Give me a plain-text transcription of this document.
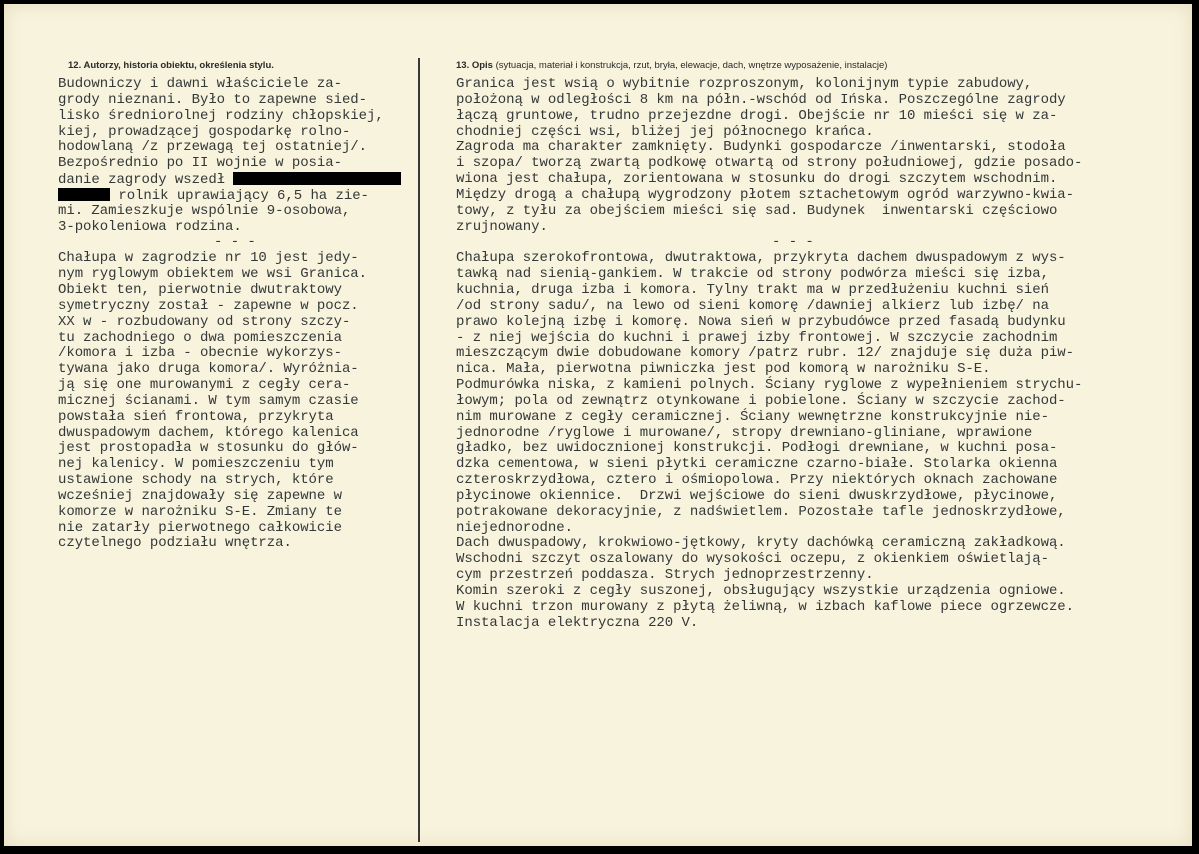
12. Autorzy, historia obiektu, określenia stylu.	13. Opis (sytuacja, materiał i konstrukcja, rzut, bryła, elewacje, dach, wnętrze wyposażenie, instalacje)
Budowniczy i dawni właściciele za-
grody nieznani. Było to zapewne sied-
lisko średniorolnej rodziny chłopskiej,
kiej, prowadzącej gospodarkę rolno-
hodowlaną /z przewagą tej ostatniej/.
Bezpośrednio po II wojnie w posia-
danie zagrody wszedł
rolnik uprawiający 6,5 ha zie-
mi. Zamieszkuje wspólnie 9-osobowa,
3-pokoleniowa rodzina.
- - -
Chałupa w zagrodzie nr 10 jest jedy-
nym ryglowym obiektem we wsi Granica.
Obiekt ten, pierwotnie dwutraktowy
symetryczny został - zapewne w pocz.
XX w - rozbudowany od strony szczy-
tu zachodniego o dwa pomieszczenia
/komora i izba - obecnie wykorzys-
tywana jako druga komora/. Wyróżnia-
ją się one murowanymi z cegły cera-
micznej ścianami. W tym samym czasie
powstała sień frontowa, przykryta
dwuspadowym dachem, którego kalenica
jest prostopadła w stosunku do głów-
nej kalenicy. W pomieszczeniu tym
ustawione schody na strych, które
wcześniej znajdowały się zapewne w
komorze w narożniku S-E. Zmiany te
nie zatarły pierwotnego całkowicie
czytelnego podziału wnętrza.
Granica jest wsią o wybitnie rozproszonym, kolonijnym typie zabudowy,
położoną w odległości 8 km na półn.-wschód od Ińska. Poszczególne zagrody
łączą gruntowe, trudno przejezdne drogi. Obejście nr 10 mieści się w za-
chodniej części wsi, bliżej jej północnego krańca.
Zagroda ma charakter zamknięty. Budynki gospodarcze /inwentarski, stodoła
i szopa/ tworzą zwartą podkowę otwartą od strony południowej, gdzie posado-
wiona jest chałupa, zorientowana w stosunku do drogi szczytem wschodnim.
Między drogą a chałupą wygrodzony płotem sztachetowym ogród warzywno-kwia-
towy, z tyłu za obejściem mieści się sad. Budynek  inwentarski częściowo
zrujnowany.
- - -
Chałupa szerokofrontowa, dwutraktowa, przykryta dachem dwuspadowym z wys-
tawką nad sienią-gankiem. W trakcie od strony podwórza mieści się izba,
kuchnia, druga izba i komora. Tylny trakt ma w przedłużeniu kuchni sień
/od strony sadu/, na lewo od sieni komorę /dawniej alkierz lub izbę/ na
prawo kolejną izbę i komorę. Nowa sień w przybudówce przed fasadą budynku
- z niej wejścia do kuchni i prawej izby frontowej. W szczycie zachodnim
mieszczącym dwie dobudowane komory /patrz rubr. 12/ znajduje się duża piw-
nica. Mała, pierwotna piwniczka jest pod komorą w narożniku S-E.
Podmurówka niska, z kamieni polnych. Ściany ryglowe z wypełnieniem strychu-
łowym; pola od zewnątrz otynkowane i pobielone. Ściany w szczycie zachod-
nim murowane z cegły ceramicznej. Ściany wewnętrzne konstrukcyjnie nie-
jednorodne /ryglowe i murowane/, stropy drewniano-gliniane, wprawione
gładko, bez uwidocznionej konstrukcji. Podłogi drewniane, w kuchni posa-
dzka cementowa, w sieni płytki ceramiczne czarno-białe. Stolarka okienna
czteroskrzydłowa, cztero i ośmiopolowa. Przy niektórych oknach zachowane
płycinowe okiennice.  Drzwi wejściowe do sieni dwuskrzydłowe, płycinowe,
potrakowane dekoracyjnie, z nadświetlem. Pozostałe tafle jednoskrzydłowe,
niejednorodne.
Dach dwuspadowy, krokwiowo-jętkowy, kryty dachówką ceramiczną zakładkową.
Wschodni szczyt oszalowany do wysokości oczepu, z okienkiem oświetlają-
cym przestrzeń poddasza. Strych jednoprzestrzenny.
Komin szeroki z cegły suszonej, obsługujący wszystkie urządzenia ogniowe.
W kuchni trzon murowany z płytą żeliwną, w izbach kaflowe piece ogrzewcze.
Instalacja elektryczna 220 V.
